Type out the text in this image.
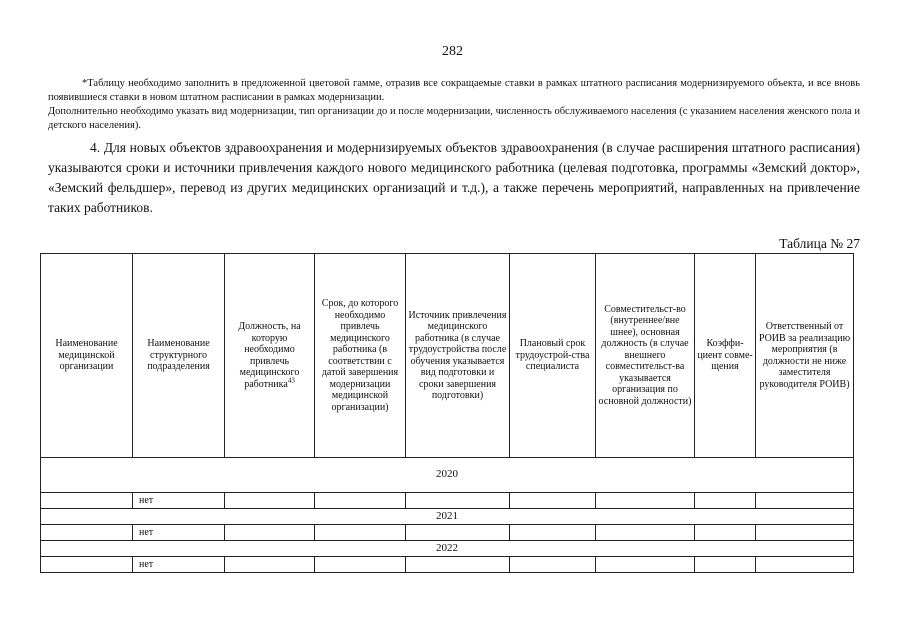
282

*Таблицу необходимо заполнить в предложенной цветовой гамме, отразив все сокращаемые ставки в рамках штатного расписания модернизируемого объекта, и все вновь появившиеся ставки в новом штатном расписании в рамках модернизации.

Дополнительно необходимо указать вид модернизации, тип организации до и после модернизации, численность обслуживаемого населения (с указанием населения женского пола и детского населения).

4. Для новых объектов здравоохранения и модернизируемых объектов здравоохранения (в случае расширения штатного расписания) указываются сроки и источники привлечения каждого нового медицинского работника (целевая подготовка, программы «Земский доктор», «Земский фельдшер», перевод из других медицинских организаций и т.д.), а также перечень мероприятий, направленных на привлечение таких работников.
Таблица № 27
Наименование медицинской организации	Наименование структурного подразделения	Должность, на которую необходимо привлечь медицинского работника$^{43}$	Срок, до которого необходимо привлечь медицинского работника (в соответствии с датой завершения модернизации медицинской организации)	Источник привлечения медицинского работника (в случае трудоустройства после обучения указывается вид подготовки и сроки завершения подготовки)	Плановый срок трудоустрой-ства специалиста	Совместительст-во (внутреннее/вне шнее), основная должность (в случае внешнего совместительст-ва указывается организация по основной должности)	Коэффи-циент совме-щения	Ответственный от РОИВ за реализацию мероприятия (в должности не ниже заместителя руководителя РОИВ)
2020								
	нет							
2021								
	нет							
2022								
	нет							
